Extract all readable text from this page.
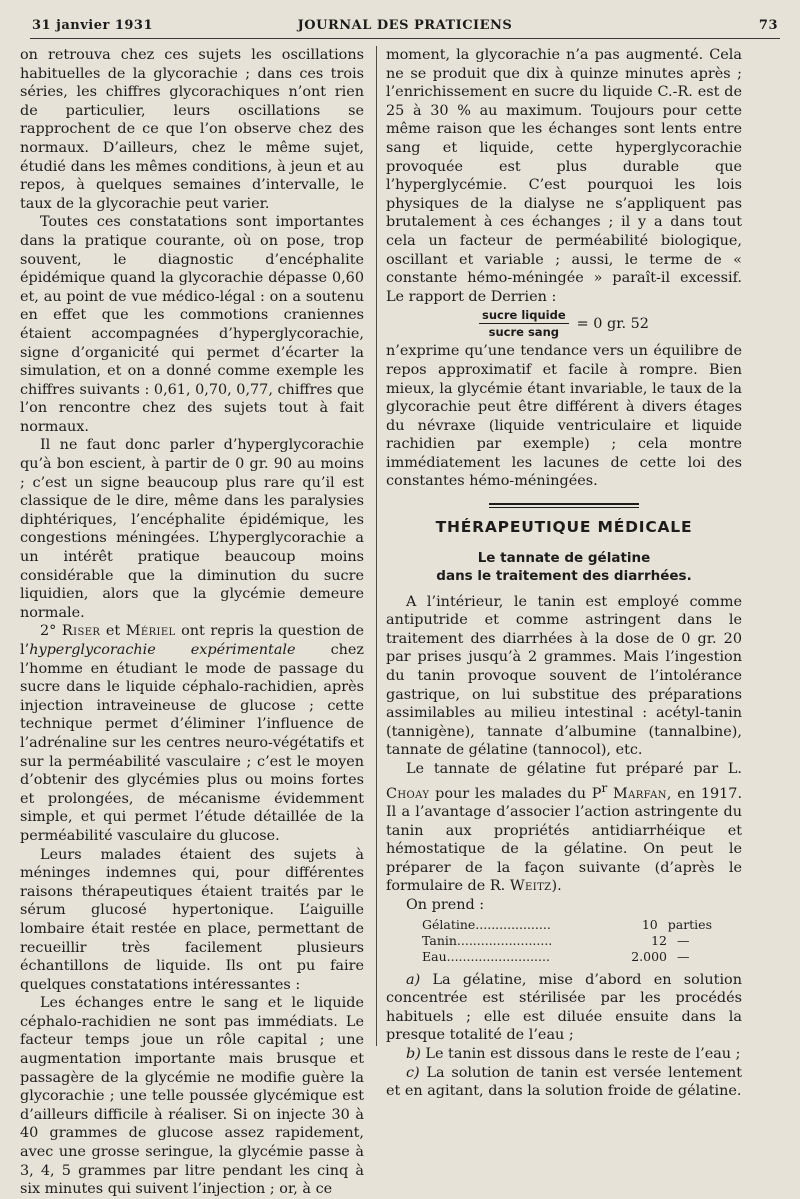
31 janvier 1931	JOURNAL DES PRATICIENS	73

on retrouva chez ces sujets les oscillations habituelles de la glycorachie ; dans ces trois séries, les chiffres glycorachiques n’ont rien de particulier, leurs oscillations se rapprochent de ce que l’on observe chez des normaux. D’ailleurs, chez le même sujet, étudié dans les mêmes conditions, à jeun et au repos, à quelques semaines d’intervalle, le taux de la glycorachie peut varier.

Toutes ces constatations sont importantes dans la pratique courante, où on pose, trop souvent, le diagnostic d’encéphalite épidémique quand la glycorachie dépasse 0,60 et, au point de vue médico-légal : on a soutenu en effet que les commotions craniennes étaient accompagnées d’hyperglycorachie, signe d’organicité qui permet d’écarter la simulation, et on a donné comme exemple les chiffres suivants : 0,61, 0,70, 0,77, chiffres que l’on rencontre chez des sujets tout à fait normaux.

Il ne faut donc parler d’hyperglycorachie qu’à bon escient, à partir de 0 gr. 90 au moins ; c’est un signe beaucoup plus rare qu’il est classique de le dire, même dans les paralysies diphtériques, l’encéphalite épidémique, les congestions méningées. L’hyperglycorachie a un intérêt pratique beaucoup moins considérable que la diminution du sucre liquidien, alors que la glycémie demeure normale.

2° Riser et Mériel ont repris la question de l’hyperglycorachie expérimentale chez l’homme en étudiant le mode de passage du sucre dans le liquide céphalo-rachidien, après injection intraveineuse de glucose ; cette technique permet d’éliminer l’influence de l’adrénaline sur les centres neuro-végétatifs et sur la perméabilité vasculaire ; c’est le moyen d’obtenir des glycémies plus ou moins fortes et prolongées, de mécanisme évidemment simple, et qui permet l’étude détaillée de la perméabilité vasculaire du glucose.

Leurs malades étaient des sujets à méninges indemnes qui, pour différentes raisons thérapeutiques étaient traités par le sérum glucosé hypertonique. L’aiguille lombaire était restée en place, permettant de recueillir très facilement plusieurs échantillons de liquide. Ils ont pu faire quelques constatations intéressantes :

Les échanges entre le sang et le liquide céphalo-rachidien ne sont pas immédiats. Le facteur temps joue un rôle capital ; une augmentation importante mais brusque et passagère de la glycémie ne modifie guère la glycorachie ; une telle poussée glycémique est d’ailleurs difficile à réaliser. Si on injecte 30 à 40 grammes de glucose assez rapidement, avec une grosse seringue, la glycémie passe à 3, 4, 5 grammes par litre pendant les cinq à six minutes qui suivent l’injection ; or, à ce

moment, la glycorachie n’a pas augmenté. Cela ne se produit que dix à quinze minutes après ; l’enrichissement en sucre du liquide C.-R. est de 25 à 30 % au maximum. Toujours pour cette même raison que les échanges sont lents entre sang et liquide, cette hyperglycorachie provoquée est plus durable que l’hyperglycémie. C’est pourquoi les lois physiques de la dialyse ne s’appliquent pas brutalement à ces échanges ; il y a dans tout cela un facteur de perméabilité biologique, oscillant et variable ; aussi, le terme de « constante hémo-méningée » paraît-il excessif. Le rapport de Derrien :

$\frac{\text{sucre liquide}}{\text{sucre sang}} = 0$ gr. 52

n’exprime qu’une tendance vers un équilibre de repos approximatif et facile à rompre. Bien mieux, la glycémie étant invariable, le taux de la glycorachie peut être différent à divers étages du névraxe (liquide ventriculaire et liquide rachidien par exemple) ; cela montre immédiatement les lacunes de cette loi des constantes hémo-méningées.

THÉRAPEUTIQUE MÉDICALE
Le tannate de gélatine
dans le traitement des diarrhées.

A l’intérieur, le tanin est employé comme antiputride et comme astringent dans le traitement des diarrhées à la dose de 0 gr. 20 par prises jusqu’à 2 grammes. Mais l’ingestion du tanin provoque souvent de l’intolérance gastrique, on lui substitue des préparations assimilables au milieu intestinal : acétyl-tanin (tannigène), tannate d’albumine (tannalbine), tannate de gélatine (tannocol), etc.

Le tannate de gélatine fut préparé par L. Choay pour les malades du $P^r$ Marfan, en 1917. Il a l’avantage d’associer l’action astringente du tanin aux propriétés antidiarrhéique et hémostatique de la gélatine. On peut le préparer de la façon suivante (d’après le formulaire de R. Weitz).

On prend :

Gélatine...................	10 parties
Tanin........................	12 —
Eau..........................	2.000 —

a) La gélatine, mise d’abord en solution concentrée est stérilisée par les procédés habituels ; elle est diluée ensuite dans la presque totalité de l’eau ;

b) Le tanin est dissous dans le reste de l’eau ;

c) La solution de tanin est versée lentement et en agitant, dans la solution froide de gélatine.
